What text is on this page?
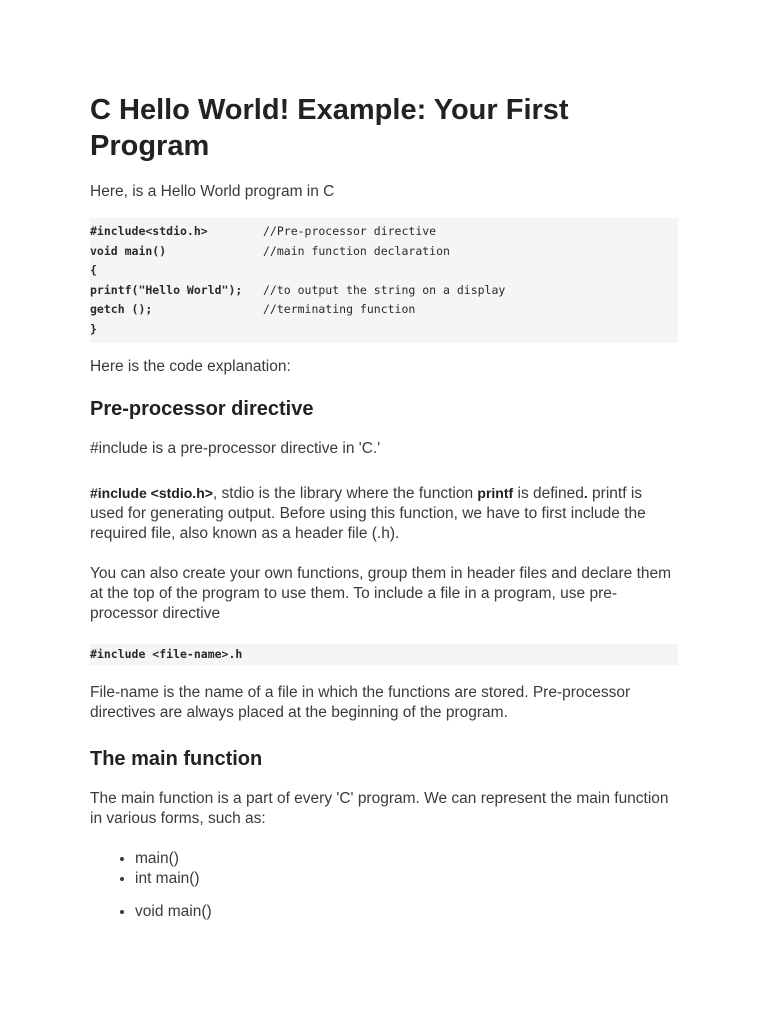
C Hello World! Example: Your First Program

Here, is a Hello World program in C

#include<stdio.h>	//Pre-processor directive
void main()	//main function declaration
{
printf("Hello World");	//to output the string on a display
getch ();	//terminating function
}

Here is the code explanation:

Pre-processor directive

#include is a pre-processor directive in 'C.'

#include <stdio.h>, stdio is the library where the function printf is defined. printf is used for generating output. Before using this function, we have to first include the required file, also known as a header file (.h).

You can also create your own functions, group them in header files and declare them at the top of the program to use them. To include a file in a program, use pre-processor directive

#include <file-name>.h

File-name is the name of a file in which the functions are stored. Pre-processor directives are always placed at the beginning of the program.

The main function

The main function is a part of every 'C' program. We can represent the main function in various forms, such as:

• main()
• int main()
• void main()
